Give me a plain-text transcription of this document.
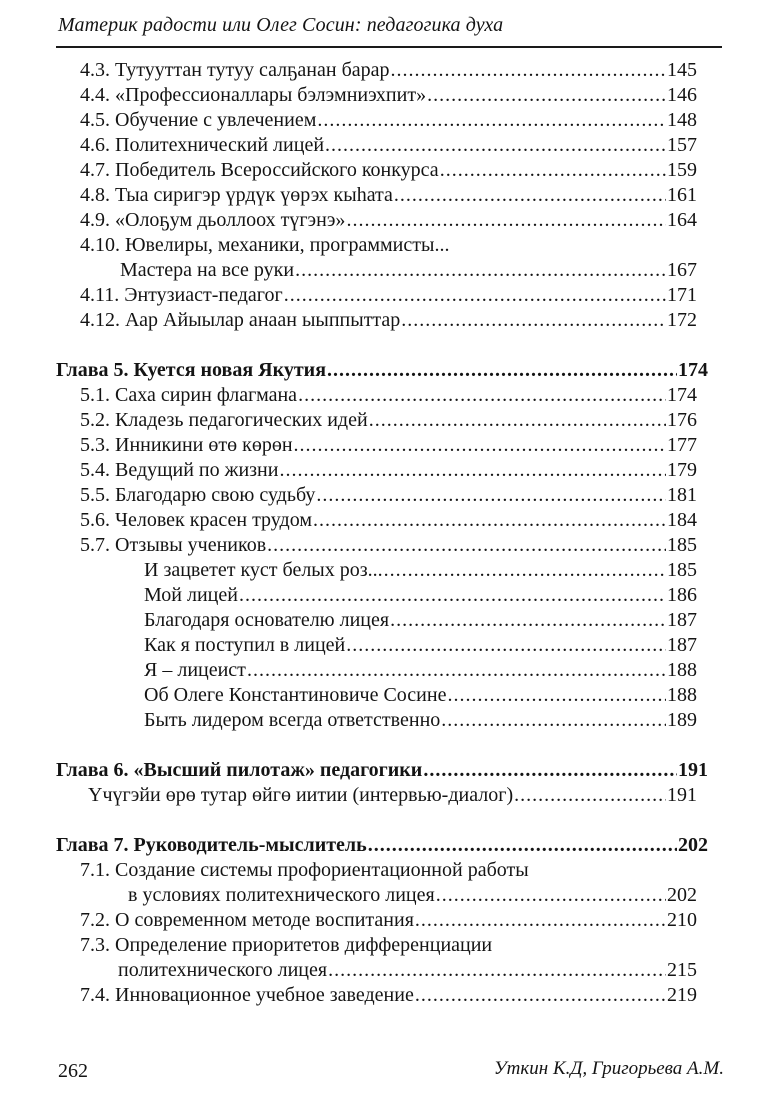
Материк радости или Олег Сосин: педагогика духа
4.3. Тутууттан тутуу салҕанан барар .....	145
4.4. «Профессионаллары бэлэмниэхпит» .....	146
4.5. Обучение с увлечением .....	148
4.6. Политехнический лицей .....	157
4.7. Победитель Всероссийского конкурса .....	159
4.8. Тыа сиригэр үрдүк үөрэх кыһата .....	161
4.9. «Олоҕум дьоллоох түгэнэ» .....	164
4.10. Ювелиры, механики, программисты...
Мастера на все руки .....	167
4.11. Энтузиаст-педагог .....	171
4.12. Аар Айыылар анаан ыыппыттар .....	172
Глава 5. Куется новая Якутия .....	174
5.1. Саха сирин флагмана .....	174
5.2. Кладезь педагогических идей .....	176
5.3. Инникини өтө көрөн .....	177
5.4. Ведущий по жизни .....	179
5.5. Благодарю свою судьбу .....	181
5.6. Человек красен трудом .....	184
5.7. Отзывы учеников .....	185
И зацветет куст белых роз... .....	185
Мой лицей .....	186
Благодаря основателю лицея .....	187
Как я поступил в лицей .....	187
Я – лицеист .....	188
Об Олеге Константиновиче Сосине .....	188
Быть лидером всегда ответственно .....	189
Глава 6. «Высший пилотаж» педагогики .....	191
Үчүгэйи өрө тутар өйгө иитии (интервью-диалог) .....	191
Глава 7. Руководитель-мыслитель .....	202
7.1. Создание системы профориентационной работы
в условиях политехнического лицея .....	202
7.2. О современном методе воспитания .....	210
7.3. Определение приоритетов дифференциации
политехнического лицея .....	215
7.4. Инновационное учебное заведение .....	219
262	Уткин К.Д, Григорьева А.М.
